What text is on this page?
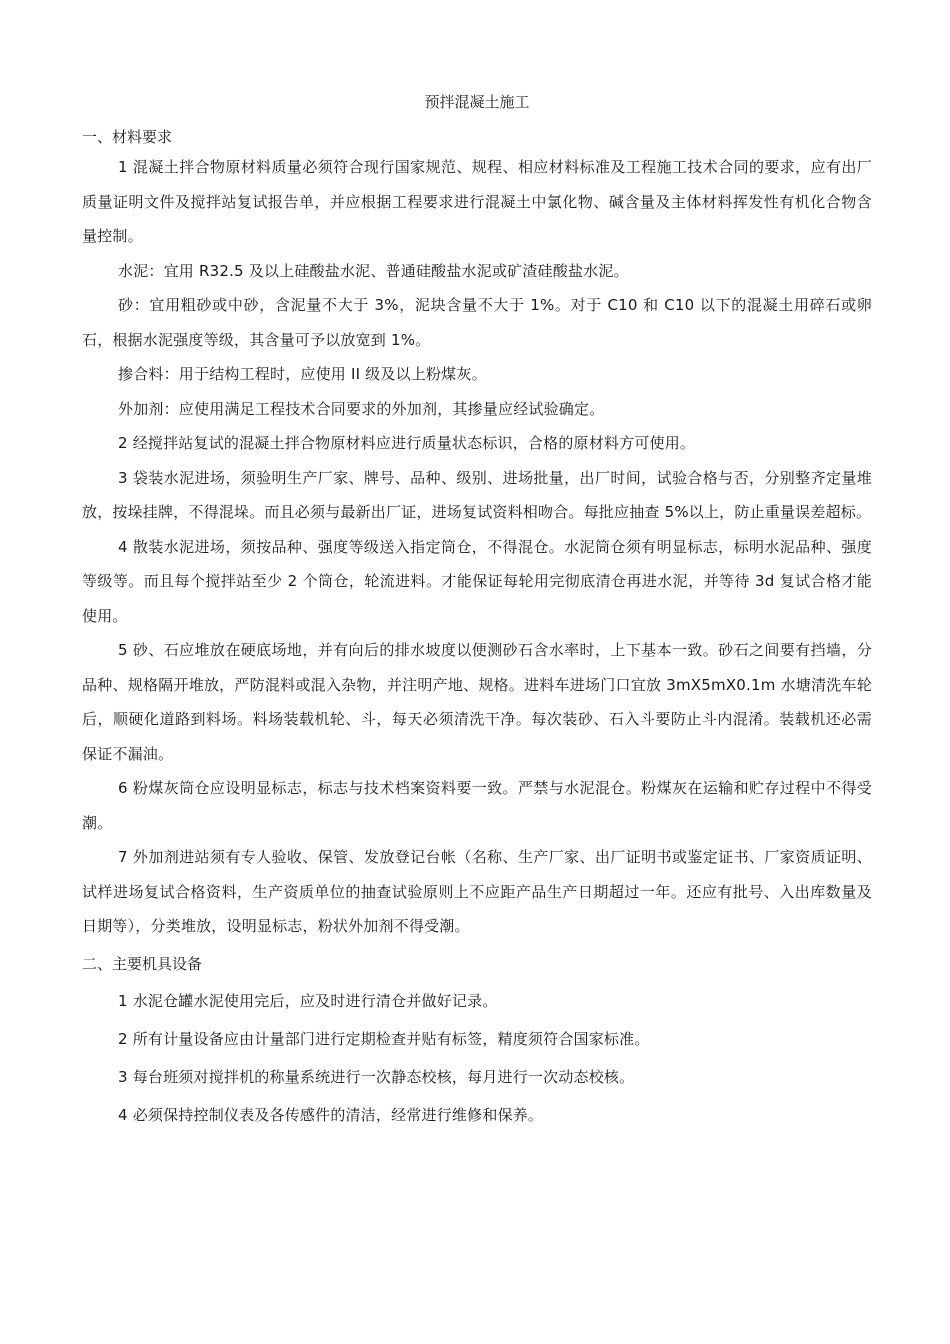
预拌混凝土施工
一、材料要求

1 混凝土拌合物原材料质量必须符合现行国家规范、规程、相应材料标准及工程施工技术合同的要求，应有出厂质量证明文件及搅拌站复试报告单，并应根据工程要求进行混凝土中氯化物、碱含量及主体材料挥发性有机化合物含量控制。

水泥：宜用 R32.5 及以上硅酸盐水泥、普通硅酸盐水泥或矿渣硅酸盐水泥。

砂：宜用粗砂或中砂，含泥量不大于 3%，泥块含量不大于 1%。对于 C10 和 C10 以下的混凝土用碎石或卵石，根据水泥强度等级，其含量可予以放宽到 1%。

掺合料：用于结构工程时，应使用 II 级及以上粉煤灰。

外加剂：应使用满足工程技术合同要求的外加剂，其掺量应经试验确定。

2 经搅拌站复试的混凝土拌合物原材料应进行质量状态标识，合格的原材料方可使用。

3 袋装水泥进场，须验明生产厂家、牌号、品种、级别、进场批量，出厂时间，试验合格与否，分别整齐定量堆放，按垛挂牌，不得混垛。而且必须与最新出厂证，进场复试资料相吻合。每批应抽查 5%以上，防止重量误差超标。

4 散装水泥进场，须按品种、强度等级送入指定筒仓，不得混仓。水泥筒仓须有明显标志，标明水泥品种、强度等级等。而且每个搅拌站至少 2 个筒仓，轮流进料。才能保证每轮用完彻底清仓再进水泥，并等待 3d 复试合格才能使用。

5 砂、石应堆放在硬底场地，并有向后的排水坡度以便测砂石含水率时，上下基本一致。砂石之间要有挡墙，分品种、规格隔开堆放，严防混料或混入杂物，并注明产地、规格。进料车进场门口宜放 3mX5mX0.1m 水塘清洗车轮后，顺硬化道路到料场。料场装载机轮、斗，每天必须清洗干净。每次装砂、石入斗要防止斗内混淆。装载机还必需保证不漏油。

6 粉煤灰筒仓应设明显标志，标志与技术档案资料要一致。严禁与水泥混仓。粉煤灰在运输和贮存过程中不得受潮。

7 外加剂进站须有专人验收、保管、发放登记台帐（名称、生产厂家、出厂证明书或鉴定证书、厂家资质证明、试样进场复试合格资料，生产资质单位的抽查试验原则上不应距产品生产日期超过一年。还应有批号、入出库数量及日期等），分类堆放，设明显标志，粉状外加剂不得受潮。

二、主要机具设备

1 水泥仓罐水泥使用完后，应及时进行清仓并做好记录。

2 所有计量设备应由计量部门进行定期检查并贴有标签，精度须符合国家标准。

3 每台班须对搅拌机的称量系统进行一次静态校核，每月进行一次动态校核。

4 必须保持控制仪表及各传感件的清洁，经常进行维修和保养。
